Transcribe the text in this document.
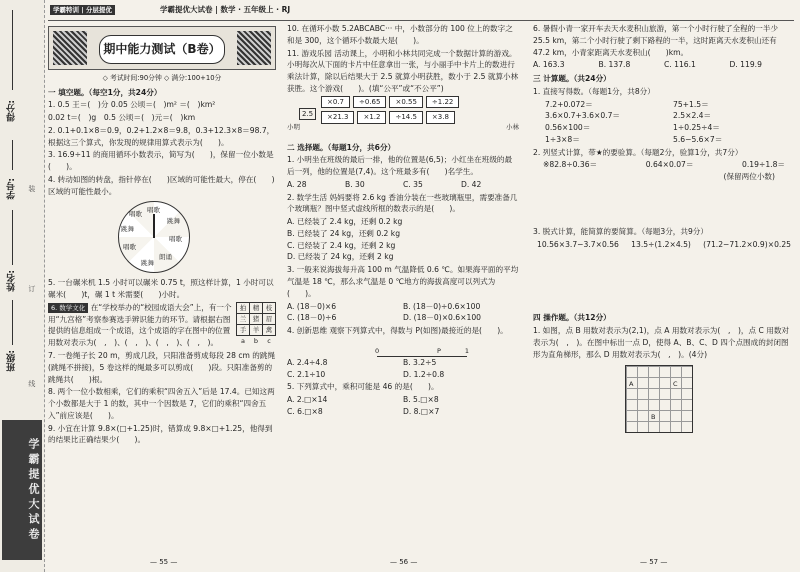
得分:
学号:
姓名:
班级:
装
订
线
学霸提优大试卷
学霸特训 | 分层提优	学霸提优大试卷 | 数学 · 五年级上 · RJ
期中能力测试（B卷）
◇ 考试时间:90分钟 ◇ 满分:100+10分
一 填空题。（每空1分，共24分）

1. 0.5 王＝(　)分 0.05 公顷＝(　)m² ＝(　)km²

0.02 t＝(　)g　0.5 公顷＝(　)元＝(　)km

2. 0.1+0.1×8＝0.9，0.2+1.2×8＝9.8，0.3+12.3×8＝98.7，根据这三个算式，你发现的规律用算式表示为(　　)。

3. 16.9÷11 的商用循环小数表示，简写为(　　)，保留一位小数是(　　)。

4. 转动如图的转盘，指针停在(　　)区域的可能性最大，停在(　　)区域的可能性最小。

唱歌
跳舞
唱歌
朗诵
跳舞
唱歌
跳舞
唱歌

5. 一台碾米机 1.5 小时可以碾米 0.75 t，照这样计算，1 小时可以碾米(　　)t，碾 1 t 米需要(　　)小时。

拍	精	枝
兰	猪	眉
手	羊	禽
a	b	c

6. 数学文化 在“学校举办的“校园成语大会”上，有一个用“九宫格”考察参赛选手辨识能力的环节。请根据右图提供的信息组成一个成语，这个成语的字在图中的位置用数对表示为(　,　)、(　,　)、(　,　)、(　,　)。

7. 一卷绳子长 20 m，剪成几段，只阳准备剪成每段 28 cm 的跳绳(跳绳不拼接)，5 卷这样的绳最多可以剪成(　　)段。只阳准备剪的跳绳共(　　)根。

8. 两个一位小数相乘，它们的乘积“四舍五入”后是 17.4。已知这两个小数都是大于 1 的数，其中一个因数是 7，它们的乘积“四舍五入”前应该是(　　)。

9. 小宜在计算 9.8×(□+1.25)时，错算成 9.8×□+1.25，他得到的结果比正确结果少(　　)。

— 55 —

10. 在循环小数 5.2ABCABC··· 中，小数部分的 100 位上的数字之和是 300，这个循环小数最大是(　　)。

11. 游戏乐园 活动课上，小明和小林共同完成一个数据计算的游戏。小明每次从下面的卡片中任意拿出一张，与小丽手中卡片上的数进行乘法计算，除以后结果大于 2.5 就算小明获胜，数小于 2.5 就算小林获胜。这个游戏(　　)。(填“公平”或“不公平”)

小明
2.5
×0.7	÷0.65	×0.55	÷1.22
×21.3	×1.2	÷14.5	×3.8
小林
二 选择题。（每题1分，共6分）

1. 小明坐在班级的最后一排，他的位置是(6,5)；小红坐在班级的最后一列，他的位置是(7,4)。这个班最多有(　　)名学生。

A. 28	B. 30	C. 35	D. 42

2. 数学生活 妈妈要将 2.6 kg 香油分装在一些玻璃瓶里，需要准备几个玻璃瓶？图中竖式虚线所框的数表示的是(　　)。

A. 已经装了 2.4 kg，还剩 0.2 kg
B. 已经装了 24 kg，还剩 0.2 kg
C. 已经装了 2.4 kg，还剩 2 kg
D. 已经装了 24 kg，还剩 2 kg

3. 一般来说海拔每升高 100 m 气温降低 0.6 ℃。如果海平面的平均气温是 18 ℃，那么求气温是 0 ℃地方的海拔高度可以列式为(　　)。

A. (18－0)×6	B. (18－0)÷0.6×100
C. (18－0)÷6	D. (18－0)×0.6×100

4. 创新思维 观察下列算式中，得数与 P(如图)最接近的是(　　)。

0	P	1
A. 2.4÷4.8	B. 3.2÷5
C. 2.1÷10	D. 1.2÷0.8

5. 下列算式中，乘积可能是 46 的是(　　)。

A. 2.□×14	B. 5.□×8
C. 6.□×8	D. 8.□×7
— 56 —

6. 暑假小青一家开车去天水麦积山旅游，第一个小时行驶了全程的一半少 25.5 km，第二个小时行驶了剩下路程的一半，这时距离天水麦积山还有 47.2 km，小青家距离天水麦积山(　　)km。

A. 163.3	B. 137.8	C. 116.1	D. 119.9
三 计算题。（共24分）

1. 直接写得数。（每题1分，共8分）

7.2+0.072＝	75+1.5＝
3.6×0.7+3.6×0.7＝	2.5×2.4＝
0.56×100＝	1÷0.25÷4＝
1÷3×8＝	5.6−5.6×7＝

2. 列竖式计算，带★的要验算。（每题2分，验算1分，共7分）

※82.8÷0.36＝	0.64×0.07＝	0.19÷1.8＝
(保留两位小数)

3. 脱式计算，能简算的要简算。（每题3分，共9分）

10.56×3.7−3.7×0.56 13.5÷(1.2×4.5) (71.2−71.2×0.9)×0.25
四 操作题。（共12分）

1. 如图，点 B 用数对表示为(2,1)，点 A 用数对表示为(　,　)，点 C 用数对表示为(　,　)。在图中标出一点 D，使得 A、B、C、D 四个点围成的封闭图形为直角梯形，那么 D 用数对表示为(　,　)。(4分)

A
B
C
— 57 —
